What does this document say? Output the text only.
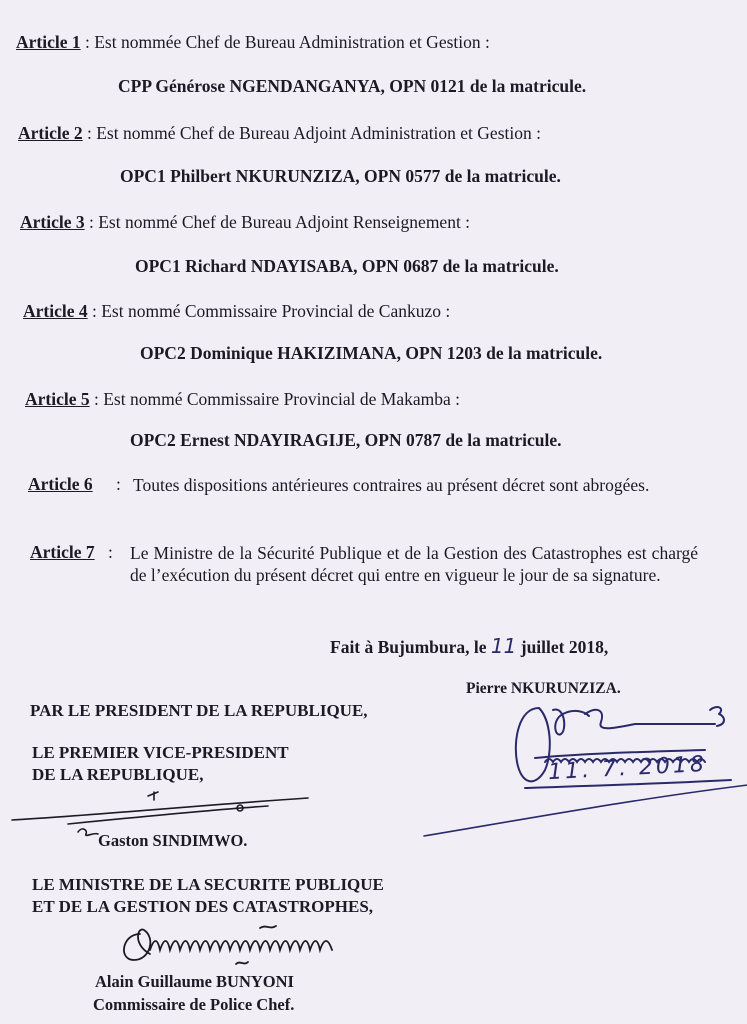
Article 1 : Est nommée Chef de Bureau Administration et Gestion :
CPP Générose NGENDANGANYA, OPN 0121 de la matricule.
Article 2 : Est nommé Chef de Bureau Adjoint Administration et Gestion :
OPC1 Philbert NKURUNZIZA, OPN 0577 de la matricule.
Article 3 : Est nommé Chef de Bureau Adjoint Renseignement :
OPC1 Richard NDAYISABA, OPN 0687 de la matricule.
Article 4 : Est nommé Commissaire Provincial de Cankuzo :
OPC2 Dominique HAKIZIMANA, OPN 1203 de la matricule.
Article 5 : Est nommé Commissaire Provincial de Makamba :
OPC2 Ernest NDAYIRAGIJE, OPN 0787 de la matricule.
Article 6 : Toutes dispositions antérieures contraires au présent décret sont abrogées.
Article 7 : Le Ministre de la Sécurité Publique et de la Gestion des Catastrophes est chargé de l’exécution du présent décret qui entre en vigueur le jour de sa signature.
Fait à Bujumbura, le 11 juillet 2018,
Pierre NKURUNZIZA.
11. 7. 2018
PAR LE PRESIDENT DE LA REPUBLIQUE,
LE PREMIER VICE-PRESIDENT
DE LA REPUBLIQUE,
Gaston SINDIMWO.
LE MINISTRE DE LA SECURITE PUBLIQUE
ET DE LA GESTION DES CATASTROPHES,
Alain Guillaume BUNYONI
Commissaire de Police Chef.
